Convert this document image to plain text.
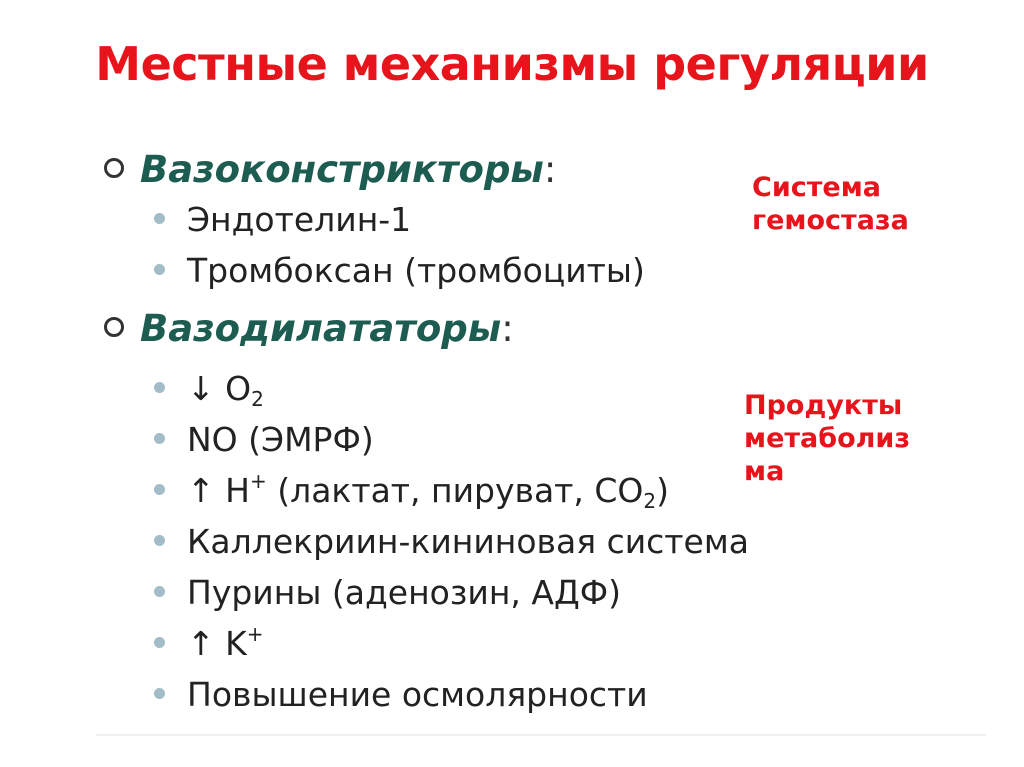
Местные механизмы регуляции
Вазоконстрикторы:
Эндотелин-1
Тромбоксан (тромбоциты)
Вазодилататоры:
↓ $O_2$
NO (ЭМРФ)
↑ H+ (лактат, пируват, $CO_2$)
Каллекриин-кининовая система
Пурины (аденозин, АДФ)
↑ K+
Повышение осмолярности
Система
гемостаза
Продукты
метаболиз
ма
